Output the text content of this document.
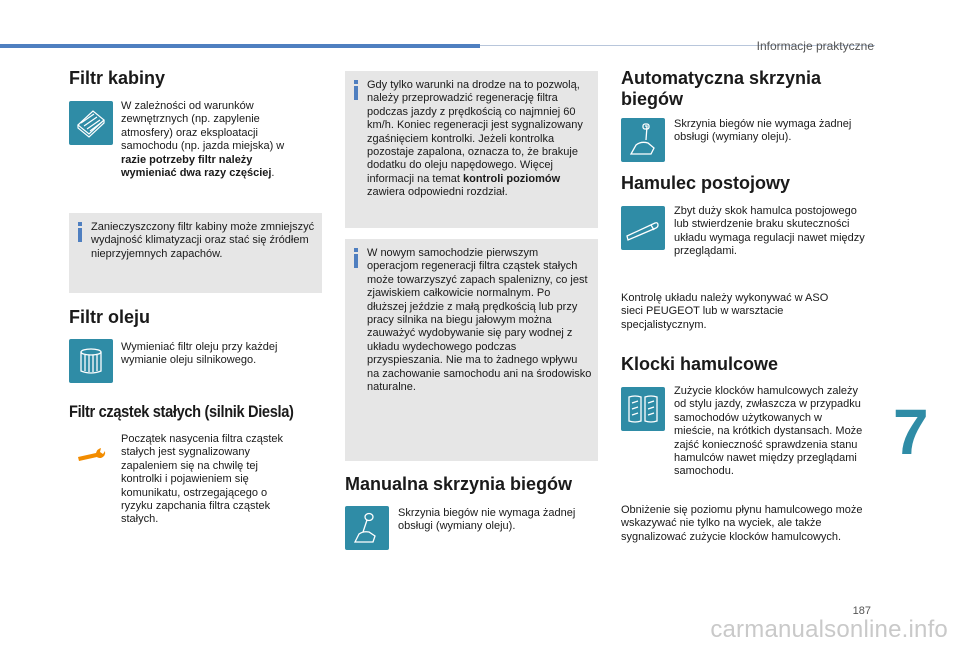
Informacje praktyczne
Filtr kabiny

W zależności od warunków zewnętrznych (np. zapylenie atmosfery) oraz eksploatacji samochodu (np. jazda miejska) w razie potrzeby filtr należy wymieniać dwa razy częściej.

Zanieczyszczony filtr kabiny może zmniejszyć wydajność klimatyzacji oraz stać się źródłem nieprzyjemnych zapachów.

Filtr oleju

Wymieniać filtr oleju przy każdej wymianie oleju silnikowego.

Filtr cząstek stałych (silnik Diesla)

Początek nasycenia filtra cząstek stałych jest sygnalizowany zapaleniem się na chwilę tej kontrolki i pojawieniem się komunikatu, ostrzegającego o ryzyku zapchania filtra cząstek stałych.

Gdy tylko warunki na drodze na to pozwolą, należy przeprowadzić regenerację filtra podczas jazdy z prędkością co najmniej 60 km/h. Koniec regeneracji jest sygnalizowany zgaśnięciem kontrolki. Jeżeli kontrolka pozostaje zapalona, oznacza to, że brakuje dodatku do oleju napędowego. Więcej informacji na temat kontroli poziomów zawiera odpowiedni rozdział.

W nowym samochodzie pierwszym operacjom regeneracji filtra cząstek stałych może towarzyszyć zapach spalenizny, co jest zjawiskiem całkowicie normalnym. Po dłuższej jeździe z małą prędkością lub przy pracy silnika na biegu jałowym można zauważyć wydobywanie się pary wodnej z układu wydechowego podczas przyspieszania. Nie ma to żadnego wpływu na zachowanie samochodu ani na środowisko naturalne.

Manualna skrzynia biegów

Skrzynia biegów nie wymaga żadnej obsługi (wymiany oleju).

Automatyczna skrzynia biegów

Skrzynia biegów nie wymaga żadnej obsługi (wymiany oleju).

Hamulec postojowy

Zbyt duży skok hamulca postojowego lub stwierdzenie braku skuteczności układu wymaga regulacji nawet między przeglądami.

Kontrolę układu należy wykonywać w ASO sieci PEUGEOT lub w warsztacie specjalistycznym.

Klocki hamulcowe

Zużycie klocków hamulcowych zależy od stylu jazdy, zwłaszcza w przypadku samochodów użytkowanych w mieście, na krótkich dystansach. Może zajść konieczność sprawdzenia stanu hamulców nawet między przeglądami samochodu.

Obniżenie się poziomu płynu hamulcowego może wskazywać nie tylko na wyciek, ale także sygnalizować zużycie klocków hamulcowych.

7
187
carmanualsonline.info
